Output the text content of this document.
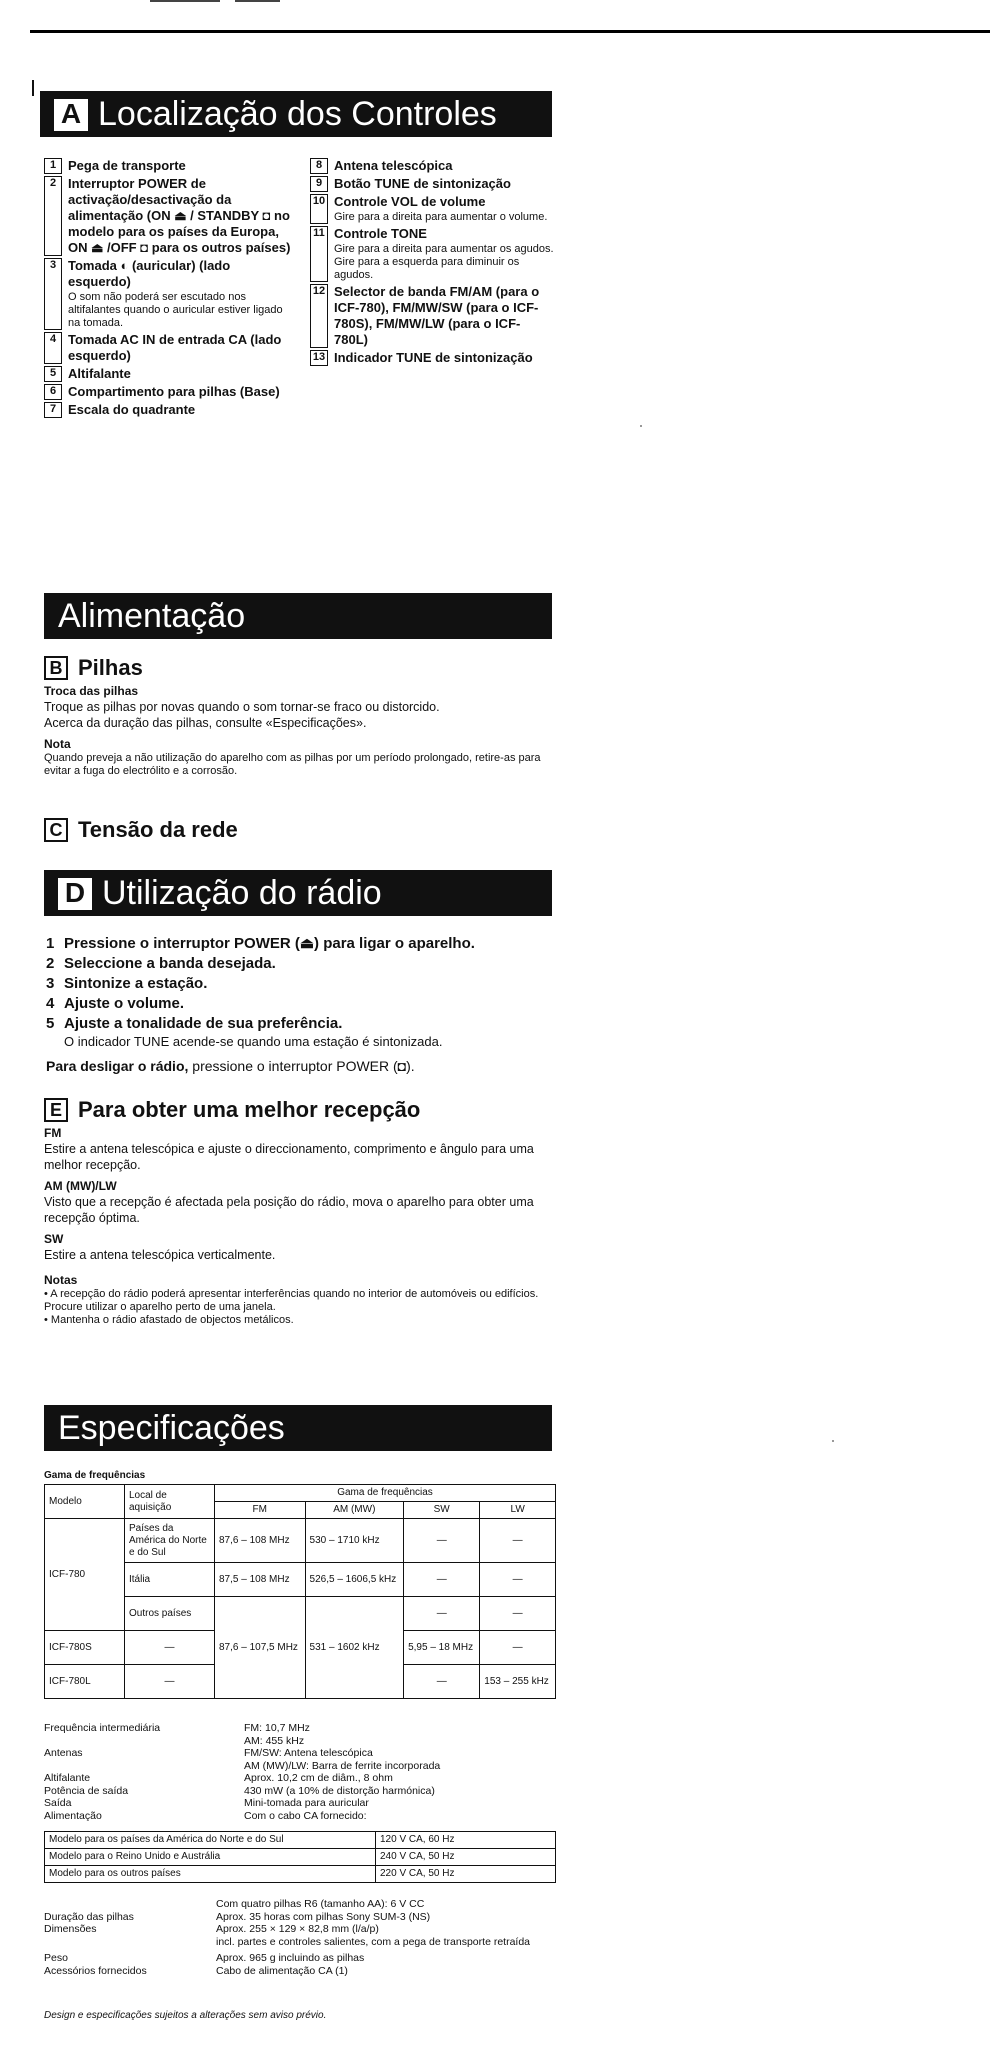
A Localização dos Controles
1 Pega de transporte
2 Interruptor POWER de activação/desactivação da alimentação (ON ⏏ / STANDBY ◘ no modelo para os países da Europa, ON ⏏ /OFF ◘ para os outros países)
3 Tomada ◐ (auricular) (lado esquerdo)
O som não poderá ser escutado nos altifalantes quando o auricular estiver ligado na tomada.
4 Tomada AC IN de entrada CA (lado esquerdo)
5 Altifalante
6 Compartimento para pilhas (Base)
7 Escala do quadrante
8 Antena telescópica
9 Botão TUNE de sintonização
10 Controle VOL de volume
Gire para a direita para aumentar o volume.
11 Controle TONE
Gire para a direita para aumentar os agudos.
Gire para a esquerda para diminuir os agudos.
12 Selector de banda FM/AM (para o ICF-780), FM/MW/SW (para o ICF-780S), FM/MW/LW (para o ICF-780L)
13 Indicador TUNE de sintonização
Alimentação
B Pilhas
Troca das pilhas
Troque as pilhas por novas quando o som tornar-se fraco ou distorcido.
Acerca da duração das pilhas, consulte «Especificações».
Nota
Quando preveja a não utilização do aparelho com as pilhas por um período prolongado, retire-as para evitar a fuga do electrólito e a corrosão.
C Tensão da rede
D Utilização do rádio
1 Pressione o interruptor POWER (⏏) para ligar o aparelho.
2 Seleccione a banda desejada.
3 Sintonize a estação.
4 Ajuste o volume.
5 Ajuste a tonalidade de sua preferência.
O indicador TUNE acende-se quando uma estação é sintonizada.
Para desligar o rádio, pressione o interruptor POWER (◘).
E Para obter uma melhor recepção
FM
Estire a antena telescópica e ajuste o direccionamento, comprimento e ângulo para uma melhor recepção.
AM (MW)/LW
Visto que a recepção é afectada pela posição do rádio, mova o aparelho para obter uma recepção óptima.
SW
Estire a antena telescópica verticalmente.
Notas
• A recepção do rádio poderá apresentar interferências quando no interior de automóveis ou edifícios. Procure utilizar o aparelho perto de uma janela.
• Mantenha o rádio afastado de objectos metálicos.
Especificações
Gama de frequências
Modelo	Local de aquisição	Gama de frequências			
		FM	AM (MW)	SW	LW
ICF-780	Países da América do Norte e do Sul	87,6 – 108 MHz	530 – 1710 kHz	—	—
	Itália	87,5 – 108 MHz	526,5 – 1606,5 kHz	—	—
	Outros países	87,6 – 107,5 MHz	531 – 1602 kHz	—	—
ICF-780S	—			5,95 – 18 MHz	—
ICF-780L	—			—	153 – 255 kHz
Frequência intermediária	FM: 10,7 MHz
AM: 455 kHz
Antenas	FM/SW: Antena telescópica
AM (MW)/LW: Barra de ferrite incorporada
Altifalante	Aprox. 10,2 cm de diâm., 8 ohm
Potência de saída	430 mW (a 10% de distorção harmónica)
Saída	Mini-tomada para auricular
Alimentação	Com o cabo CA fornecido:
Modelo para os países da América do Norte e do Sul	120 V CA, 60 Hz
Modelo para o Reino Unido e Austrália	240 V CA, 50 Hz
Modelo para os outros países	220 V CA, 50 Hz
Com quatro pilhas R6 (tamanho AA): 6 V CC
Duração das pilhas	Aprox. 35 horas com pilhas Sony SUM-3 (NS)
Dimensões	Aprox. 255 × 129 × 82,8 mm (l/a/p)
incl. partes e controles salientes, com a pega de transporte retraída
Peso	Aprox. 965 g incluindo as pilhas
Acessórios fornecidos	Cabo de alimentação CA (1)
Design e especificações sujeitos a alterações sem aviso prévio.
